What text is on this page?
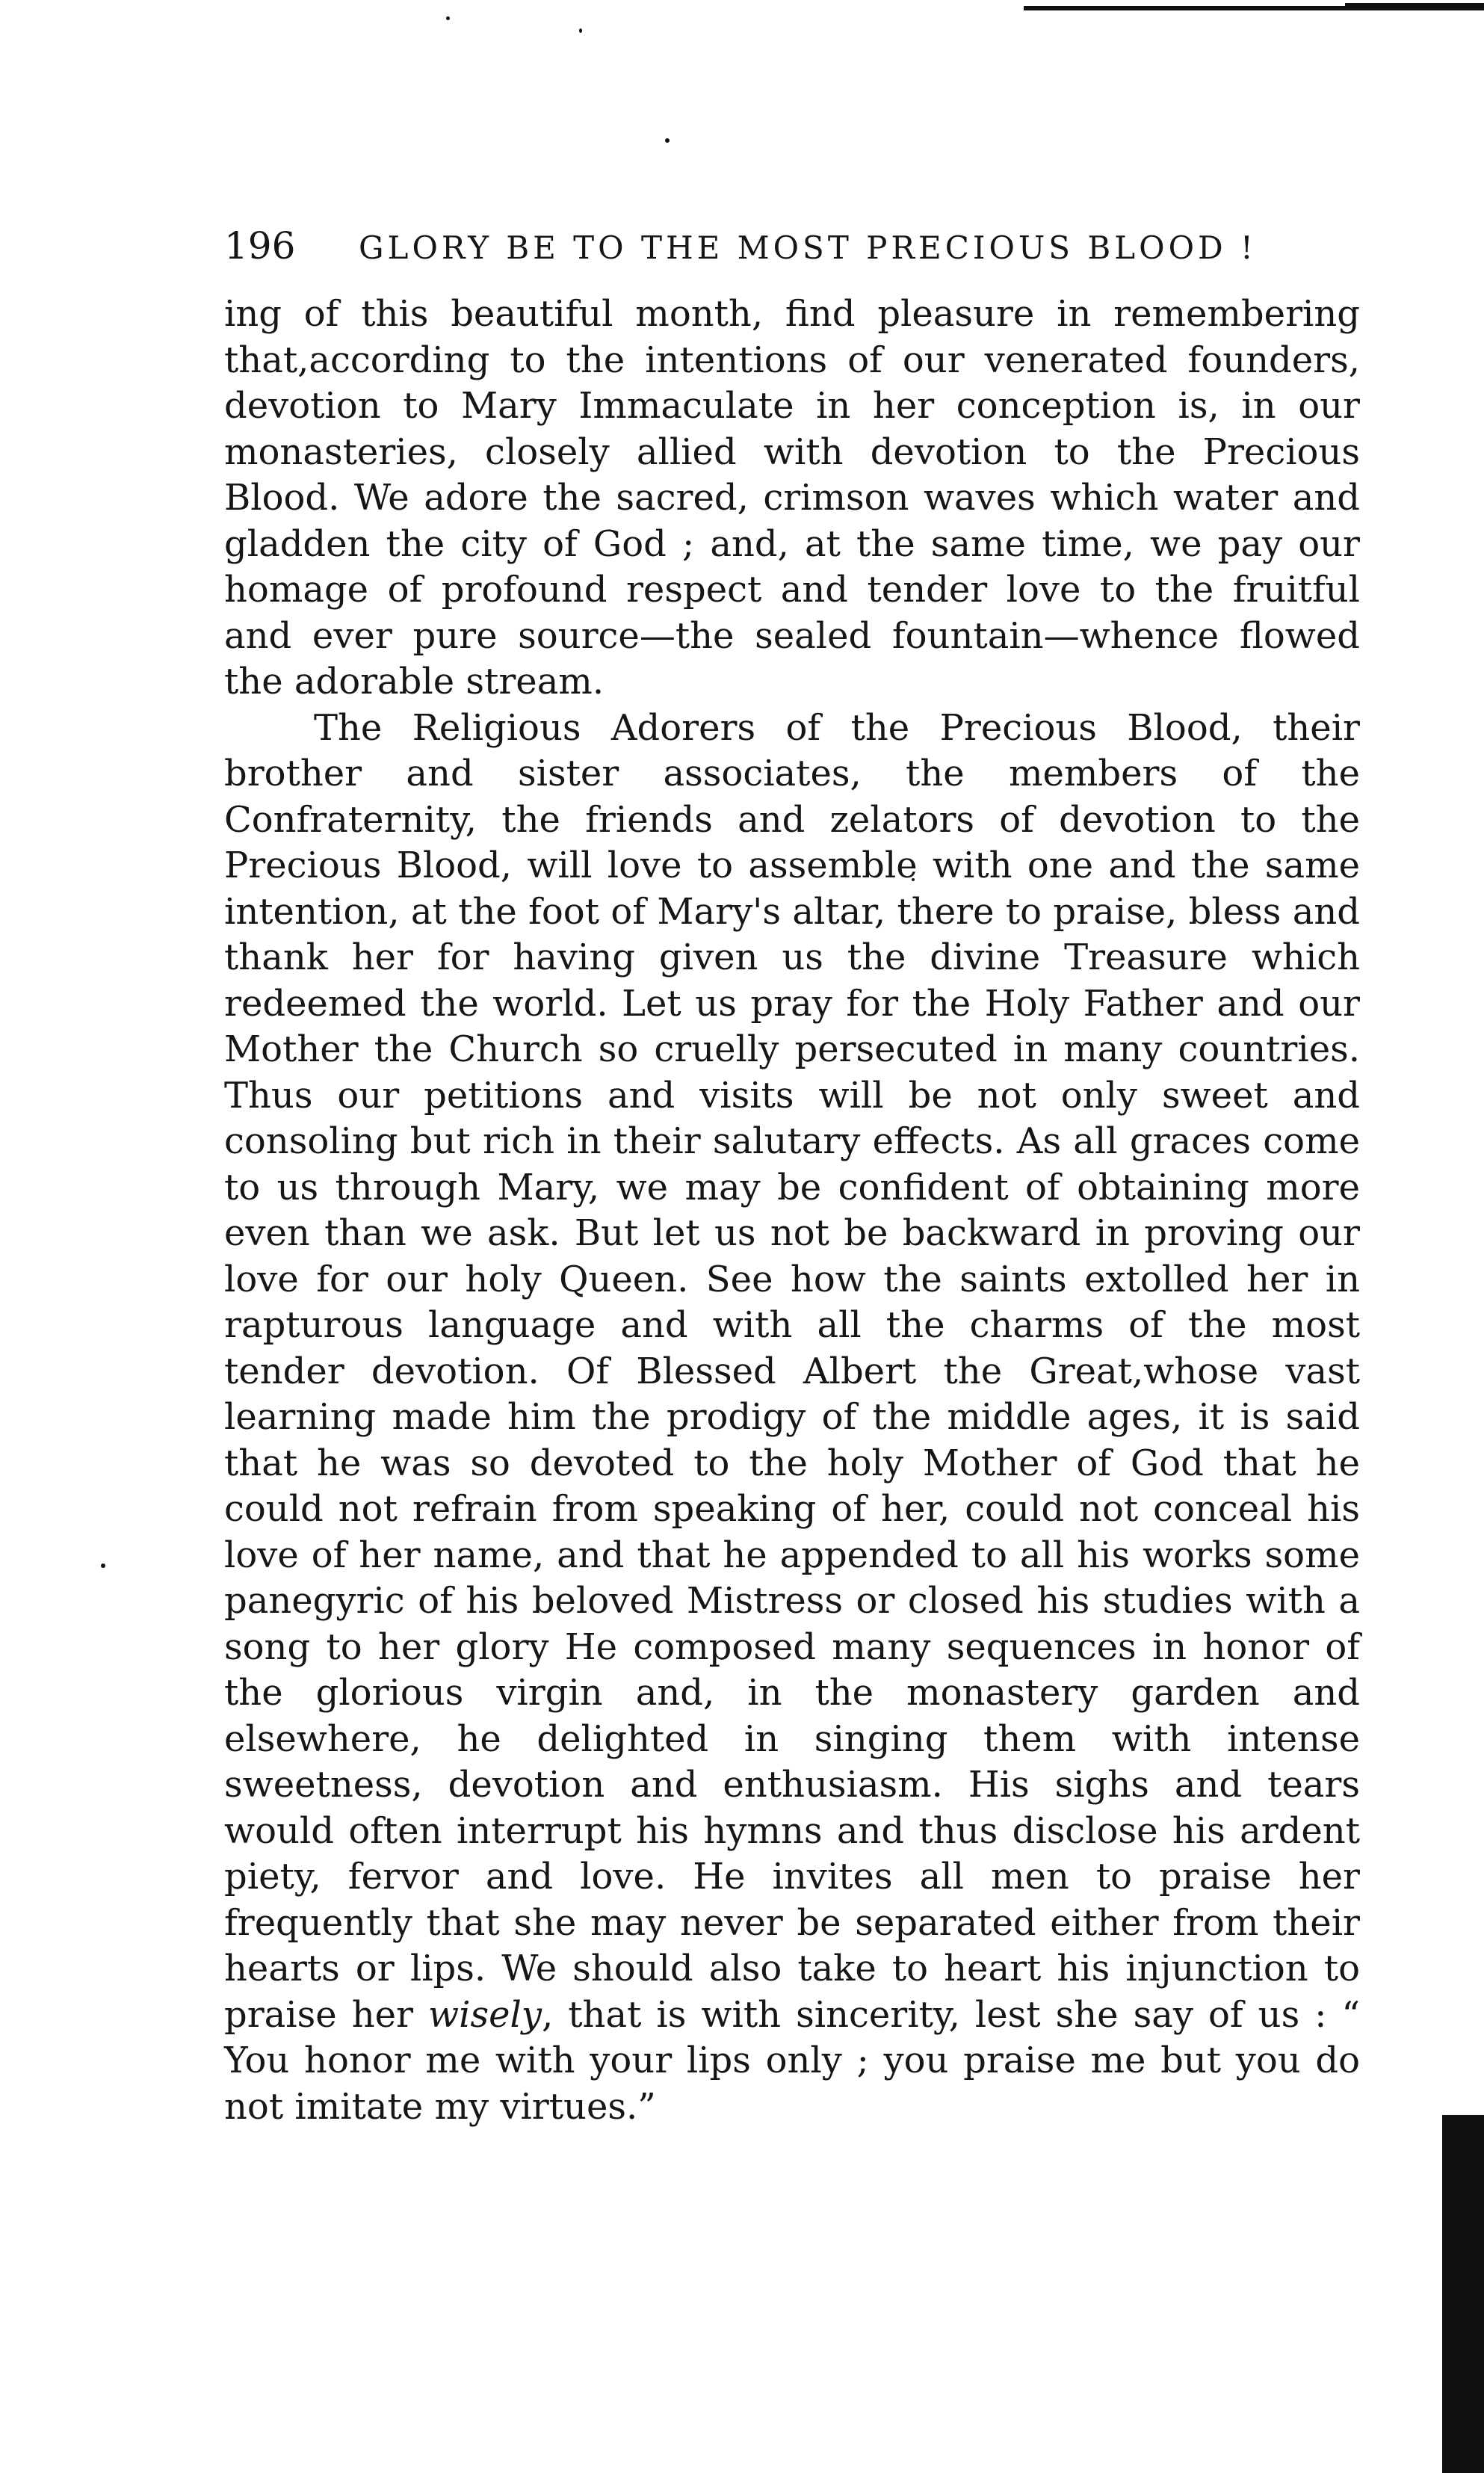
196	GLORY BE TO THE MOST PRECIOUS BLOOD !

ing of this beautiful month, find pleasure in remembering that,according to the intentions of our venerated founders, devotion to Mary Immaculate in her conception is, in our monasteries, closely allied with devotion to the Precious Blood. We adore the sacred, crimson waves which water and gladden the city of God ; and, at the same time, we pay our homage of profound respect and tender love to the fruitful and ever pure source—the sealed fountain—whence flowed the adorable stream.

The Religious Adorers of the Precious Blood, their brother and sister associates, the members of the Confraternity, the friends and zelators of devotion to the Precious Blood, will love to assemble with one and the same intention, at the foot of Mary's altar, there to praise, bless and thank her for having given us the divine Treasure which redeemed the world. Let us pray for the Holy Father and our Mother the Church so cruelly persecuted in many countries. Thus our petitions and visits will be not only sweet and consoling but rich in their salutary effects. As all graces come to us through Mary, we may be confident of obtaining more even than we ask. But let us not be backward in proving our love for our holy Queen. See how the saints extolled her in rapturous language and with all the charms of the most tender devotion. Of Blessed Albert the Great,whose vast learning made him the prodigy of the middle ages, it is said that he was so devoted to the holy Mother of God that he could not refrain from speaking of her, could not conceal his love of her name, and that he appended to all his works some panegyric of his beloved Mistress or closed his studies with a song to her glory He composed many sequences in honor of the glorious virgin and, in the monastery garden and elsewhere, he delighted in singing them with intense sweetness, devotion and enthusiasm. His sighs and tears would often interrupt his hymns and thus disclose his ardent piety, fervor and love. He invites all men to praise her frequently that she may never be separated either from their hearts or lips. We should also take to heart his injunction to praise her wisely, that is with sincerity, lest she say of us : “ You honor me with your lips only ; you praise me but you do not imitate my virtues.”
